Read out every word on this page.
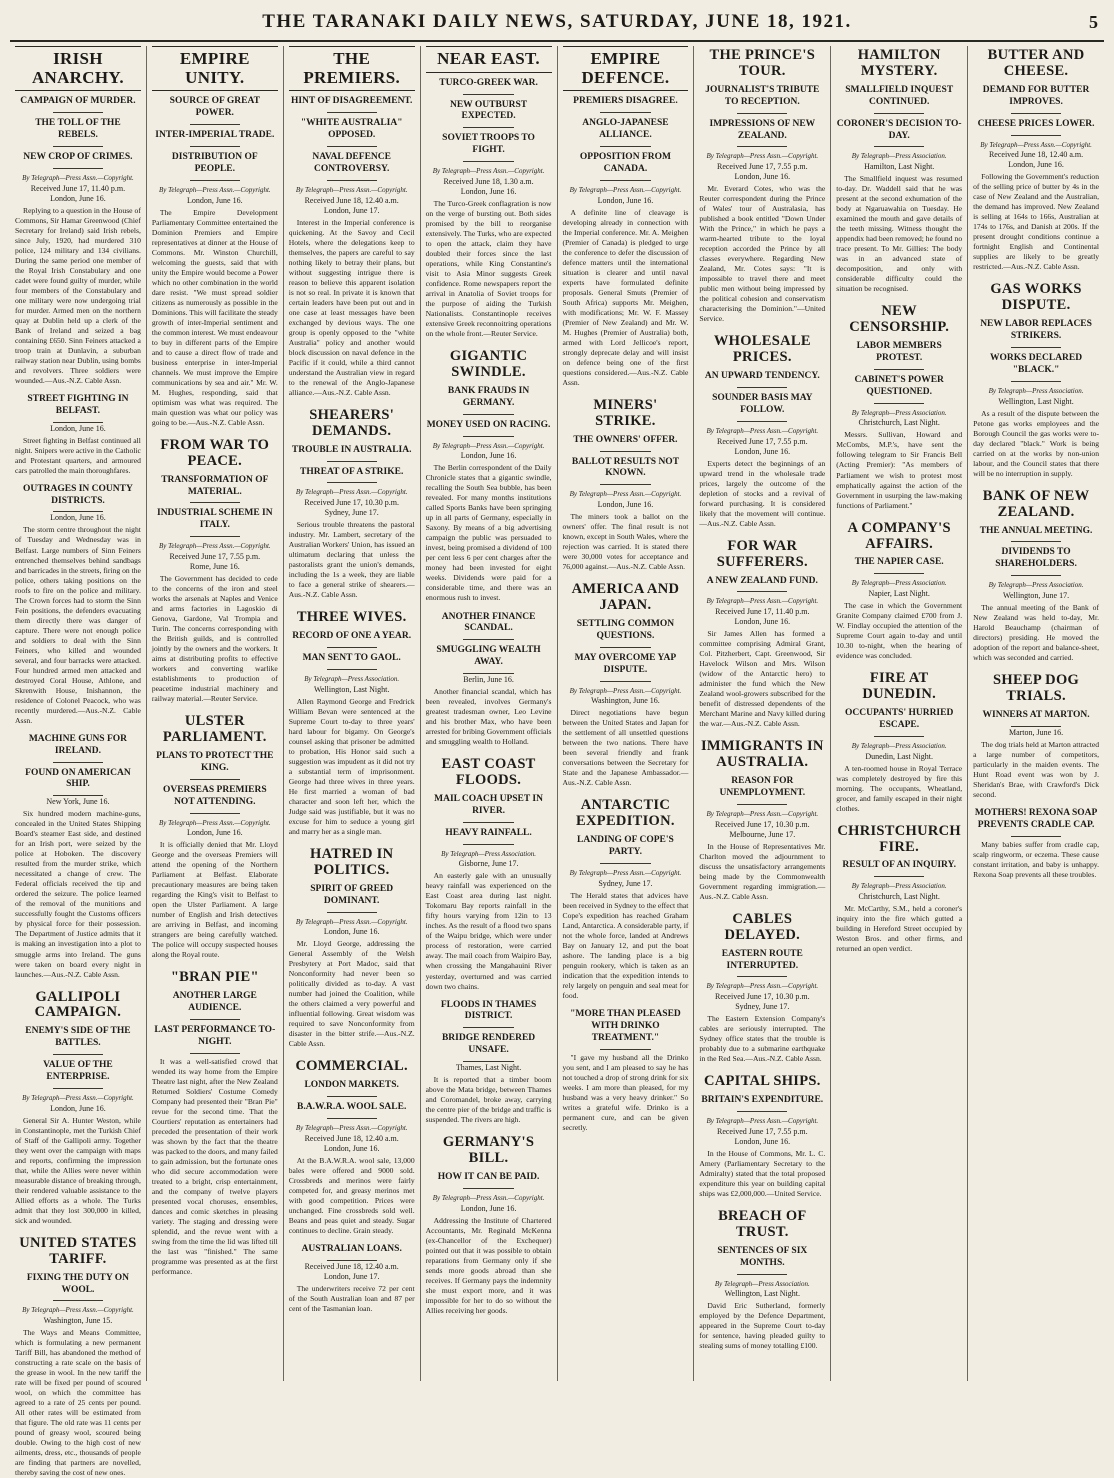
THE TARANAKI DAILY NEWS, SATURDAY, JUNE 18, 1921.	5
IRISH ANARCHY.
CAMPAIGN OF MURDER.
THE TOLL OF THE REBELS.
NEW CROP OF CRIMES.
By Telegraph—Press Assn.—Copyright.
Received June 17, 11.40 p.m.
London, June 16.
Replying to a question in the House of Commons, Sir Hamar Greenwood (Chief Secretary for Ireland) said Irish rebels, since July, 1920, had murdered 310 police, 124 military and 134 civilians. During the same period one member of the Royal Irish Constabulary and one cadet were found guilty of murder, while four members of the Constabulary and one military were now undergoing trial for murder. Armed men on the northern quay at Dublin held up a clerk of the Bank of Ireland and seized a bag containing £650. Sinn Feiners attacked a troop train at Dunlavin, a suburban railway station near Dublin, using bombs and revolvers. Three soldiers were wounded.—Aus.-N.Z. Cable Assn.
STREET FIGHTING IN BELFAST.
London, June 16.
Street fighting in Belfast continued all night. Snipers were active in the Catholic and Protestant quarters, and armoured cars patrolled the main thoroughfares.
OUTRAGES IN COUNTY DISTRICTS.
London, June 16.
The storm centre throughout the night of Tuesday and Wednesday was in Belfast. Large numbers of Sinn Feiners entrenched themselves behind sandbags and barricades in the streets, firing on the police, others taking positions on the roofs to fire on the police and military. The Crown forces had to storm the Sinn Fein positions, the defenders evacuating them directly there was danger of capture. There were not enough police and soldiers to deal with the Sinn Feiners, who killed and wounded several, and four barracks were attacked. Four hundred armed men attacked and destroyed Coral House, Athlone, and Skrenwith House, Inishannon, the residence of Colonel Peacock, who was recently murdered.—Aus.-N.Z. Cable Assn.
MACHINE GUNS FOR IRELAND.
FOUND ON AMERICAN SHIP.
New York, June 16.
Six hundred modern machine-guns, concealed in the United States Shipping Board's steamer East side, and destined for an Irish port, were seized by the police at Hoboken. The discovery resulted from the murder strike, which necessitated a change of crew. The Federal officials received the tip and ordered the seizure. The police learned of the removal of the munitions and successfully fought the Customs officers by physical force for their possession. The Department of Justice admits that it is making an investigation into a plot to smuggle arms into Ireland. The guns were taken on board every night in launches.—Aus.-N.Z. Cable Assn.
GALLIPOLI CAMPAIGN.
ENEMY'S SIDE OF THE BATTLES.
VALUE OF THE ENTERPRISE.
By Telegraph—Press Assn.—Copyright.
London, June 16.
General Sir A. Hunter Weston, while in Constantinople, met the Turkish Chief of Staff of the Gallipoli army. Together they went over the campaign with maps and reports, confirming the impression that, while the Allies were never within measurable distance of breaking through, their rendered valuable assistance to the Allied efforts as a whole. The Turks admit that they lost 300,000 in killed, sick and wounded.
UNITED STATES TARIFF.
FIXING THE DUTY ON WOOL.
By Telegraph—Press Assn.—Copyright.
Washington, June 15.
The Ways and Means Committee, which is formulating a new permanent Tariff Bill, has abandoned the method of constructing a rate scale on the basis of the grease in wool. In the new tariff the rate will be fixed per pound of scoured wool, on which the committee has agreed to a rate of 25 cents per pound. All other rates will be estimated from that figure. The old rate was 11 cents per pound of greasy wool, scoured being double. Owing to the high cost of new ailments, dress, etc., thousands of people are finding that partners are novelled, thereby saving the cost of new ones.
EMPIRE UNITY.
SOURCE OF GREAT POWER.
INTER-IMPERIAL TRADE.
DISTRIBUTION OF PEOPLE.
By Telegraph—Press Assn.—Copyright.
London, June 16.
The Empire Development Parliamentary Committee entertained the Dominion Premiers and Empire representatives at dinner at the House of Commons. Mr. Winston Churchill, welcoming the guests, said that with unity the Empire would become a Power which no other combination in the world dare resist. "We must spread soldier citizens as numerously as possible in the Dominions. This will facilitate the steady growth of inter-Imperial sentiment and the common interest. We must endeavour to buy in different parts of the Empire and to cause a direct flow of trade and business enterprise in inter-Imperial channels. We must improve the Empire communications by sea and air." Mr. W. M. Hughes, responding, said that optimism was what was required. The main question was what our policy was going to be.—Aus.-N.Z. Cable Assn.
FROM WAR TO PEACE.
TRANSFORMATION OF MATERIAL.
INDUSTRIAL SCHEME IN ITALY.
By Telegraph—Press Assn.—Copyright.
Received June 17, 7.55 p.m.
Rome, June 16.
The Government has decided to cede to the concerns of the iron and steel works the arsenals at Naples and Venice and arms factories in Lagoskio di Genova, Gardone, Val Trompia and Turin. The concerns corresponding with the British guilds, and is controlled jointly by the owners and the workers. It aims at distributing profits to effective workers and converting warlike establishments to production of peacetime industrial machinery and railway material.—Reuter Service.
ULSTER PARLIAMENT.
PLANS TO PROTECT THE KING.
OVERSEAS PREMIERS NOT ATTENDING.
By Telegraph—Press Assn.—Copyright.
London, June 16.
It is officially denied that Mr. Lloyd George and the overseas Premiers will attend the opening of the Northern Parliament at Belfast. Elaborate precautionary measures are being taken regarding the King's visit to Belfast to open the Ulster Parliament. A large number of English and Irish detectives are arriving in Belfast, and incoming strangers are being carefully watched. The police will occupy suspected houses along the Royal route.
"BRAN PIE"
ANOTHER LARGE AUDIENCE.
LAST PERFORMANCE TO-NIGHT.
It was a well-satisfied crowd that wended its way home from the Empire Theatre last night, after the New Zealand Returned Soldiers' Costume Comedy Company had presented their "Bran Pie" revue for the second time. That the Courtiers' reputation as entertainers had preceded the presentation of their work was shown by the fact that the theatre was packed to the doors, and many failed to gain admission, but the fortunate ones who did secure accommodation were treated to a bright, crisp entertainment, and the company of twelve players presented vocal choruses, ensembles, dances and comic sketches in pleasing variety. The staging and dressing were splendid, and the revue went with a swing from the time the lid was lifted till the last was "finished." The same programme was presented as at the first performance.
THE PREMIERS.
HINT OF DISAGREEMENT.
"WHITE AUSTRALIA" OPPOSED.
NAVAL DEFENCE CONTROVERSY.
By Telegraph—Press Assn.—Copyright.
Received June 18, 12.40 a.m.
London, June 17.
Interest in the Imperial conference is quickening. At the Savoy and Cecil Hotels, where the delegations keep to themselves, the papers are careful to say nothing likely to betray their plans, but without suggesting intrigue there is reason to believe this apparent isolation is not so real. In private it is known that certain leaders have been put out and in one case at least messages have been exchanged by devious ways. The one group is openly opposed to the "white Australia" policy and another would block discussion on naval defence in the Pacific if it could, while a third cannot understand the Australian view in regard to the renewal of the Anglo-Japanese alliance.—Aus.-N.Z. Cable Assn.
SHEARERS' DEMANDS.
TROUBLE IN AUSTRALIA.
THREAT OF A STRIKE.
By Telegraph—Press Assn.—Copyright.
Received June 17, 10.30 p.m.
Sydney, June 17.
Serious trouble threatens the pastoral industry. Mr. Lambert, secretary of the Australian Workers' Union, has issued an ultimatum declaring that unless the pastoralists grant the union's demands, including the 1s a week, they are liable to face a general strike of shearers.—Aus.-N.Z. Cable Assn.
THREE WIVES.
RECORD OF ONE A YEAR.
MAN SENT TO GAOL.
By Telegraph—Press Association.
Wellington, Last Night.
Allen Raymond George and Fredrick William Bevan were sentenced at the Supreme Court to-day to three years' hard labour for bigamy. On George's counsel asking that prisoner be admitted to probation, His Honor said such a suggestion was impudent as it did not try a substantial term of imprisonment. George had three wives in three years. He first married a woman of bad character and soon left her, which the Judge said was justifiable, but it was no excuse for him to seduce a young girl and marry her as a single man.
HATRED IN POLITICS.
SPIRIT OF GREED DOMINANT.
By Telegraph—Press Assn.—Copyright.
London, June 16.
Mr. Lloyd George, addressing the General Assembly of the Welsh Presbytery at Port Madoc, said that Nonconformity had never been so politically divided as to-day. A vast number had joined the Coalition, while the others claimed a very powerful and influential following. Great wisdom was required to save Nonconformity from disaster in the bitter strife.—Aus.-N.Z. Cable Assn.
COMMERCIAL.
LONDON MARKETS.
B.A.W.R.A. WOOL SALE.
By Telegraph—Press Assn.—Copyright.
Received June 18, 12.40 a.m.
London, June 16.
At the B.A.W.R.A. wool sale, 13,000 bales were offered and 9000 sold. Crossbreds and merinos were fairly competed for, and greasy merinos met with good competition. Prices were unchanged. Fine crossbreds sold well. Beans and peas quiet and steady. Sugar continues to decline. Grain steady.
AUSTRALIAN LOANS.
Received June 18, 12.40 a.m.
London, June 17.
The underwriters receive 72 per cent of the South Australian loan and 87 per cent of the Tasmanian loan.
NEAR EAST.
TURCO-GREEK WAR.
NEW OUTBURST EXPECTED.
SOVIET TROOPS TO FIGHT.
By Telegraph—Press Assn.—Copyright.
Received June 18, 1.30 a.m.
London, June 16.
The Turco-Greek conflagration is now on the verge of bursting out. Both sides promised by the bill to reorganise extensively. The Turks, who are expected to open the attack, claim they have doubled their forces since the last operations, while King Constantine's visit to Asia Minor suggests Greek confidence. Rome newspapers report the arrival in Anatolia of Soviet troops for the purpose of aiding the Turkish Nationalists. Constantinople receives extensive Greek reconnoitring operations on the whole front.—Reuter Service.
GIGANTIC SWINDLE.
BANK FRAUDS IN GERMANY.
MONEY USED ON RACING.
By Telegraph—Press Assn.—Copyright.
London, June 16.
The Berlin correspondent of the Daily Chronicle states that a gigantic swindle, recalling the South Sea bubble, has been revealed. For many months institutions called Sports Banks have been springing up in all parts of Germany, especially in Saxony. By means of a big advertising campaign the public was persuaded to invest, being promised a dividend of 100 per cent less 6 per cent charges after the money had been invested for eight weeks. Dividends were paid for a considerable time, and there was an enormous rush to invest.
ANOTHER FINANCE SCANDAL.
SMUGGLING WEALTH AWAY.
Berlin, June 16.
Another financial scandal, which has been revealed, involves Germany's greatest tradesman owner, Leo Levine and his brother Max, who have been arrested for bribing Government officials and smuggling wealth to Holland.
EAST COAST FLOODS.
MAIL COACH UPSET IN RIVER.
HEAVY RAINFALL.
By Telegraph—Press Association.
Gisborne, June 17.
An easterly gale with an unusually heavy rainfall was experienced on the East Coast area during last night. Tokomaru Bay reports rainfall in the fifty hours varying from 12in to 13 inches. As the result of a flood two spans of the Waipu bridge, which were under process of restoration, were carried away. The mail coach from Waipiro Bay, when crossing the Mangahauini River yesterday, overturned and was carried down two chains.
FLOODS IN THAMES DISTRICT.
BRIDGE RENDERED UNSAFE.
Thames, Last Night.
It is reported that a timber boom above the Mata bridge, between Thames and Coromandel, broke away, carrying the centre pier of the bridge and traffic is suspended. The rivers are high.
GERMANY'S BILL.
HOW IT CAN BE PAID.
By Telegraph—Press Assn.—Copyright.
London, June 16.
Addressing the Institute of Chartered Accountants, Mr. Reginald McKenna (ex-Chancellor of the Exchequer) pointed out that it was possible to obtain reparations from Germany only if she sends more goods abroad than she receives. If Germany pays the indemnity she must export more, and it was impossible for her to do so without the Allies receiving her goods.
EMPIRE DEFENCE.
PREMIERS DISAGREE.
ANGLO-JAPANESE ALLIANCE.
OPPOSITION FROM CANADA.
By Telegraph—Press Assn.—Copyright.
London, June 16.
A definite line of cleavage is developing already in connection with the Imperial conference. Mr. A. Meighen (Premier of Canada) is pledged to urge the conference to defer the discussion of defence matters until the international situation is clearer and until naval experts have formulated definite proposals. General Smuts (Premier of South Africa) supports Mr. Meighen, with modifications; Mr. W. F. Massey (Premier of New Zealand) and Mr. W. M. Hughes (Premier of Australia) both, armed with Lord Jellicoe's report, strongly deprecate delay and will insist on defence being one of the first questions considered.—Aus.-N.Z. Cable Assn.
MINERS' STRIKE.
THE OWNERS' OFFER.
BALLOT RESULTS NOT KNOWN.
By Telegraph—Press Assn.—Copyright.
London, June 16.
The miners took a ballot on the owners' offer. The final result is not known, except in South Wales, where the rejection was carried. It is stated there were 30,000 votes for acceptance and 76,000 against.—Aus.-N.Z. Cable Assn.
AMERICA AND JAPAN.
SETTLING COMMON QUESTIONS.
MAY OVERCOME YAP DISPUTE.
By Telegraph—Press Assn.—Copyright.
Washington, June 16.
Direct negotiations have begun between the United States and Japan for the settlement of all unsettled questions between the two nations. There have been several friendly and frank conversations between the Secretary for State and the Japanese Ambassador.—Aus.-N.Z. Cable Assn.
ANTARCTIC EXPEDITION.
LANDING OF COPE'S PARTY.
By Telegraph—Press Assn.—Copyright.
Sydney, June 17.
The Herald states that advices have been received in Sydney to the effect that Cope's expedition has reached Graham Land, Antarctica. A considerable party, if not the whole force, landed at Andrews Bay on January 12, and put the boat ashore. The landing place is a big penguin rookery, which is taken as an indication that the expedition intends to rely largely on penguin and seal meat for food.
"MORE THAN PLEASED WITH DRINKO TREATMENT."
"I gave my husband all the Drinko you sent, and I am pleased to say he has not touched a drop of strong drink for six weeks. I am more than pleased, for my husband was a very heavy drinker." So writes a grateful wife. Drinko is a permanent cure, and can be given secretly.
THE PRINCE'S TOUR.
JOURNALIST'S TRIBUTE TO RECEPTION.
IMPRESSIONS OF NEW ZEALAND.
By Telegraph—Press Assn.—Copyright.
Received June 17, 7.55 p.m.
London, June 16.
Mr. Everard Cotes, who was the Reuter correspondent during the Prince of Wales' tour of Australasia, has published a book entitled "Down Under With the Prince," in which he pays a warm-hearted tribute to the loyal reception accorded the Prince by all classes everywhere. Regarding New Zealand, Mr. Cotes says: "It is impossible to travel there and meet public men without being impressed by the political cohesion and conservatism characterising the Dominion."—United Service.
WHOLESALE PRICES.
AN UPWARD TENDENCY.
SOUNDER BASIS MAY FOLLOW.
By Telegraph—Press Assn.—Copyright.
Received June 17, 7.55 p.m.
London, June 16.
Experts detect the beginnings of an upward trend in the wholesale trade prices, largely the outcome of the depletion of stocks and a revival of forward purchasing. It is considered likely that the movement will continue.—Aus.-N.Z. Cable Assn.
FOR WAR SUFFERERS.
A NEW ZEALAND FUND.
By Telegraph—Press Assn.—Copyright.
Received June 17, 11.40 p.m.
London, June 16.
Sir James Allen has formed a committee comprising Admiral Grant, Col. Pitzherbert, Capt. Greenwood, Sir Havelock Wilson and Mrs. Wilson (widow of the Antarctic hero) to administer the fund which the New Zealand wool-growers subscribed for the benefit of distressed dependents of the Merchant Marine and Navy killed during the war.—Aus.-N.Z. Cable Assn.
IMMIGRANTS IN AUSTRALIA.
REASON FOR UNEMPLOYMENT.
By Telegraph—Press Assn.—Copyright.
Received June 17, 10.30 p.m.
Melbourne, June 17.
In the House of Representatives Mr. Charlton moved the adjournment to discuss the unsatisfactory arrangements being made by the Commonwealth Government regarding immigration.—Aus.-N.Z. Cable Assn.
CABLES DELAYED.
EASTERN ROUTE INTERRUPTED.
By Telegraph—Press Assn.—Copyright.
Received June 17, 10.30 p.m.
Sydney, June 17.
The Eastern Extension Company's cables are seriously interrupted. The Sydney office states that the trouble is probably due to a submarine earthquake in the Red Sea.—Aus.-N.Z. Cable Assn.
CAPITAL SHIPS.
BRITAIN'S EXPENDITURE.
By Telegraph—Press Assn.—Copyright.
Received June 17, 7.55 p.m.
London, June 16.
In the House of Commons, Mr. L. C. Amery (Parliamentary Secretary to the Admiralty) stated that the total proposed expenditure this year on building capital ships was £2,000,000.—United Service.
BREACH OF TRUST.
SENTENCES OF SIX MONTHS.
By Telegraph—Press Association.
Wellington, Last Night.
David Eric Sutherland, formerly employed by the Defence Department, appeared in the Supreme Court to-day for sentence, having pleaded guilty to stealing sums of money totalling £100.
HAMILTON MYSTERY.
SMALLFIELD INQUEST CONTINUED.
CORONER'S DECISION TO-DAY.
By Telegraph—Press Association.
Hamilton, Last Night.
The Smallfield inquest was resumed to-day. Dr. Waddell said that he was present at the second exhumation of the body at Ngaruawahia on Tuesday. He examined the mouth and gave details of the teeth missing. Witness thought the appendix had been removed; he found no trace present. To Mr. Gillies: The body was in an advanced state of decomposition, and only with considerable difficulty could the situation be recognised.
NEW CENSORSHIP.
LABOR MEMBERS PROTEST.
CABINET'S POWER QUESTIONED.
By Telegraph—Press Association.
Christchurch, Last Night.
Messrs. Sullivan, Howard and McCombs, M.P.'s, have sent the following telegram to Sir Francis Bell (Acting Premier): "As members of Parliament we wish to protest most emphatically against the action of the Government in usurping the law-making functions of Parliament."
A COMPANY'S AFFAIRS.
THE NAPIER CASE.
By Telegraph—Press Association.
Napier, Last Night.
The case in which the Government Granite Company claimed £700 from J. W. Findlay occupied the attention of the Supreme Court again to-day and until 10.30 to-night, when the hearing of evidence was concluded.
FIRE AT DUNEDIN.
OCCUPANTS' HURRIED ESCAPE.
By Telegraph—Press Association.
Dunedin, Last Night.
A ten-roomed house in Royal Terrace was completely destroyed by fire this morning. The occupants, Wheatland, grocer, and family escaped in their night clothes.
CHRISTCHURCH FIRE.
RESULT OF AN INQUIRY.
By Telegraph—Press Association.
Christchurch, Last Night.
Mr. McCarthy, S.M., held a coroner's inquiry into the fire which gutted a building in Hereford Street occupied by Weston Bros. and other firms, and returned an open verdict.
BUTTER AND CHEESE.
DEMAND FOR BUTTER IMPROVES.
CHEESE PRICES LOWER.
By Telegraph—Press Assn.—Copyright.
Received June 18, 12.40 a.m.
London, June 16.
Following the Government's reduction of the selling price of butter by 4s in the case of New Zealand and the Australian, the demand has improved. New Zealand is selling at 164s to 166s, Australian at 174s to 176s, and Danish at 200s. If the present drought conditions continue a fortnight English and Continental supplies are likely to be greatly restricted.—Aus.-N.Z. Cable Assn.
GAS WORKS DISPUTE.
NEW LABOR REPLACES STRIKERS.
WORKS DECLARED "BLACK."
By Telegraph—Press Association.
Wellington, Last Night.
As a result of the dispute between the Petone gas works employees and the Borough Council the gas works were to-day declared "black." Work is being carried on at the works by non-union labour, and the Council states that there will be no interruption in supply.
BANK OF NEW ZEALAND.
THE ANNUAL MEETING.
DIVIDENDS TO SHAREHOLDERS.
By Telegraph—Press Association.
Wellington, June 17.
The annual meeting of the Bank of New Zealand was held to-day, Mr. Harold Beauchamp (chairman of directors) presiding. He moved the adoption of the report and balance-sheet, which was seconded and carried.
SHEEP DOG TRIALS.
WINNERS AT MARTON.
Marton, June 16.
The dog trials held at Marton attracted a large number of competitors, particularly in the maiden events. The Hunt Road event was won by J. Sheridan's Brae, with Crawford's Dick second.
MOTHERS! REXONA SOAP PREVENTS CRADLE CAP.
Many babies suffer from cradle cap, scalp ringworm, or eczema. These cause constant irritation, and baby is unhappy. Rexona Soap prevents all these troubles.
